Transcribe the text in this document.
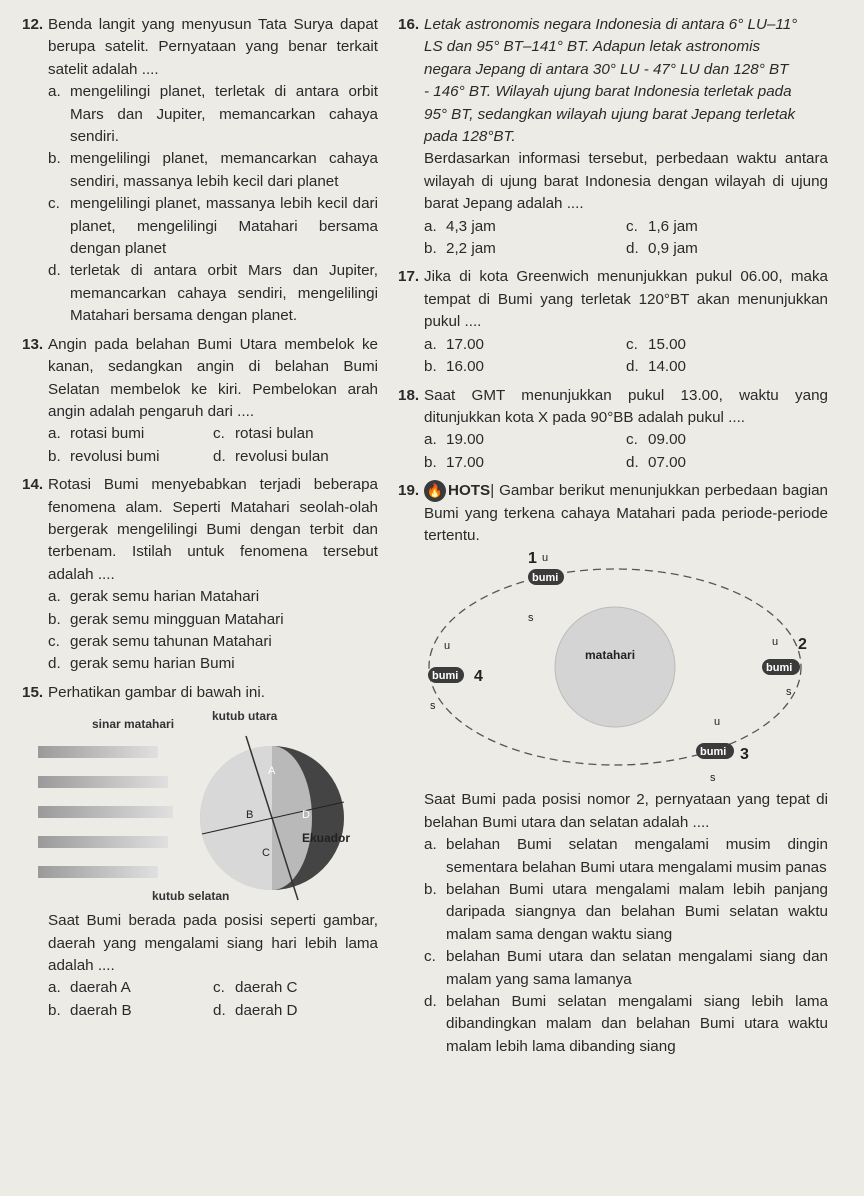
12. Benda langit yang menyusun Tata Surya dapat berupa satelit. Pernyataan yang benar terkait satelit adalah ....

a. mengelilingi planet, terletak di antara orbit Mars dan Jupiter, memancarkan cahaya sendiri.
b. mengelilingi planet, memancarkan cahaya sendiri, massanya lebih kecil dari planet
c. mengelilingi planet, massanya lebih kecil dari planet, mengelilingi Matahari bersama dengan planet
d. terletak di antara orbit Mars dan Jupiter, memancarkan cahaya sendiri, mengelilingi Matahari bersama dengan planet.
13. Angin pada belahan Bumi Utara membelok ke kanan, sedangkan angin di belahan Bumi Selatan membelok ke kiri. Pembelokan arah angin adalah pengaruh dari ....

a. rotasi bumi	c. rotasi bulan
b. revolusi bumi	d. revolusi bulan
14. Rotasi Bumi menyebabkan terjadi beberapa fenomena alam. Seperti Matahari seolah-olah bergerak mengelilingi Bumi dengan terbit dan terbenam. Istilah untuk fenomena tersebut adalah ....

a. gerak semu harian Matahari
b. gerak semu mingguan Matahari
c. gerak semu tahunan Matahari
d. gerak semu harian Bumi
15. Perhatikan gambar di bawah ini.

sinar matahari
kutub utara
A
B	D
C
Ekuador
kutub selatan

Saat Bumi berada pada posisi seperti gambar, daerah yang mengalami siang hari lebih lama adalah ....

a. daerah A	c. daerah C
b. daerah B	d. daerah D
16. Letak astronomis negara Indonesia di antara 6° LU–11°
LS dan 95° BT–141° BT. Adapun letak astronomis
negara Jepang di antara 30° LU - 47° LU dan 128° BT
- 146° BT. Wilayah ujung barat Indonesia terletak pada
95° BT, sedangkan wilayah ujung barat Jepang terletak
pada 128°BT.

Berdasarkan informasi tersebut, perbedaan waktu antara wilayah di ujung barat Indonesia dengan wilayah di ujung barat Jepang adalah ....

a. 4,3 jam	c. 1,6 jam
b. 2,2 jam	d. 0,9 jam
17. Jika di kota Greenwich menunjukkan pukul 06.00, maka tempat di Bumi yang terletak 120°BT akan menunjukkan pukul ....

a. 17.00	c. 15.00
b. 16.00	d. 14.00
18. Saat GMT menunjukkan pukul 13.00, waktu yang ditunjukkan kota X pada 90°BB adalah pukul ....

a. 19.00	c. 09.00
b. 17.00	d. 07.00
19. 🔥 HOTS| Gambar berikut menunjukkan perbedaan bagian Bumi yang terkena cahaya Matahari pada periode-periode tertentu.

matahari
bumi
1 u
s
bumi
2
u
s
bumi 3
u
s
bumi 4
u
s

Saat Bumi pada posisi nomor 2, pernyataan yang tepat di belahan Bumi utara dan selatan adalah ....

a. belahan Bumi selatan mengalami musim dingin sementara belahan Bumi utara mengalami musim panas
b. belahan Bumi utara mengalami malam lebih panjang daripada siangnya dan belahan Bumi selatan waktu malam sama dengan waktu siang
c. belahan Bumi utara dan selatan mengalami siang dan malam yang sama lamanya
d. belahan Bumi selatan mengalami siang lebih lama dibandingkan malam dan belahan Bumi utara waktu malam lebih lama dibanding siang
